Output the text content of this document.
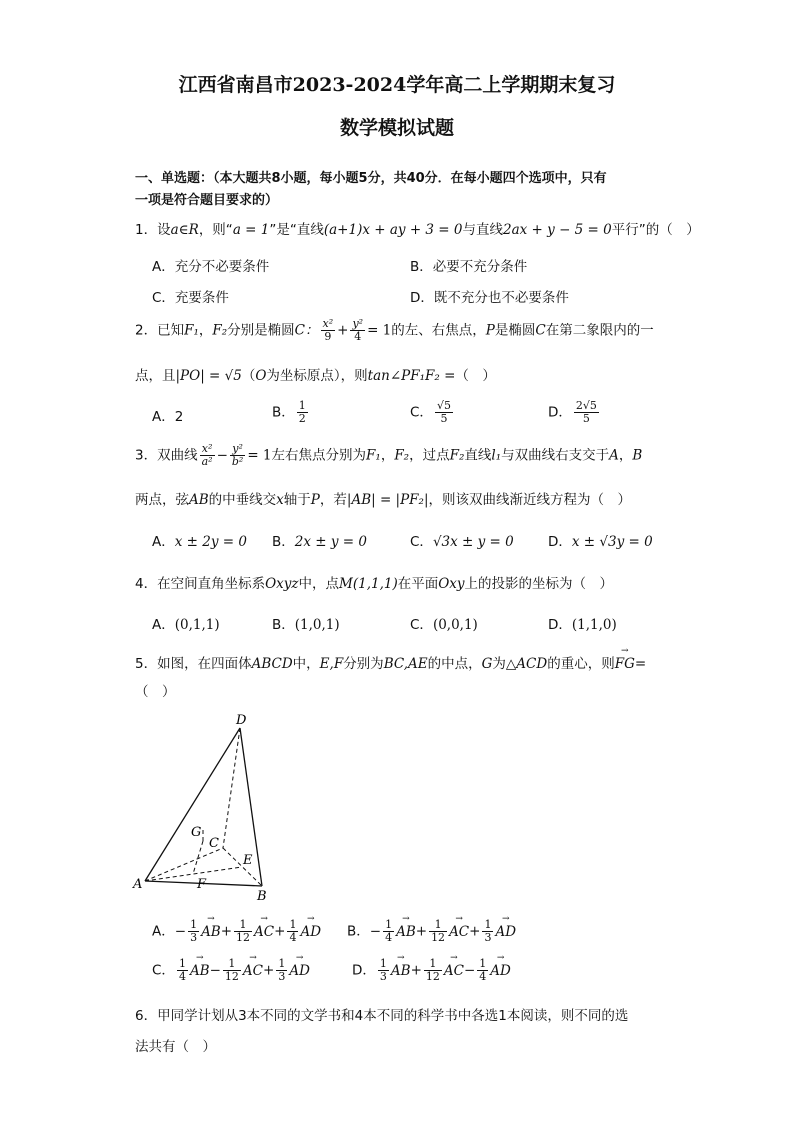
江西省南昌市2023-2024学年高二上学期期末复习
数学模拟试题
一、单选题：（本大题共8小题，每小题5分，共40分．在每小题四个选项中，只有
一项是符合题目要求的）
1．设a∈R，则“a = 1”是“直线(a+1)x + ay + 3 = 0与直线2ax + y − 5 = 0平行”的（　）
A．充分不必要条件	B．必要不充分条件
C．充要条件	D．既不充分也不必要条件
2．已知F₁，F₂分别是椭圆C： $\frac{\text{x²}}{9} + \frac{\text{y²}}{4} = 1$的左、右焦点，P是椭圆C在第二象限内的一
点，且|PO| = √5（O为坐标原点），则tan∠PF₁F₂ =（　）
A．2	B． $\frac{1}{2}$	C． $\frac{√5}{5}$	D． $\frac{2√5}{5}$
3．双曲线 $\frac{\text{x²}}{\text{a²}} - \frac{\text{y²}}{\text{b²}} = 1$左右焦点分别为F₁，F₂，过点F₂直线l₁与双曲线右支交于A，B
两点，弦AB的中垂线交x轴于P，若|AB| = |PF₂|，则该双曲线渐近线方程为（　）
A．x ± 2y = 0 B．2x ± y = 0	C．√3x ± y = 0	D．x ± √3y = 0
4．在空间直角坐标系Oxyz中，点M(1,1,1)在平面Oxy上的投影的坐标为（　）
A．(0,1,1)	B．(1,0,1)	C．(0,0,1)	D．(1,1,0)
5．如图，在四面体ABCD中，E,F分别为BC,AE的中点，G为△ACD的重心，则→ FG=
（　）
D
G
C
E
A	F
B
A．− $\frac{1}{3}$
→ $AB+ \frac{1}{12}$
→ $AC+ \frac{1}{4}$
→ AD B．− $\frac{1}{4}$
→ $AB+ \frac{1}{12}$
→ $AC+ \frac{1}{3}$
→ AD
C． $\frac{1}{4}$
→ $AB- \frac{1}{12}$
→ $AC+ \frac{1}{3}$
→ AD	D． $\frac{1}{3}$
→ $AB+ \frac{1}{12}$
→ $AC- \frac{1}{4}$
→ AD
6．甲同学计划从3本不同的文学书和4本不同的科学书中各选1本阅读，则不同的选
法共有（　）
